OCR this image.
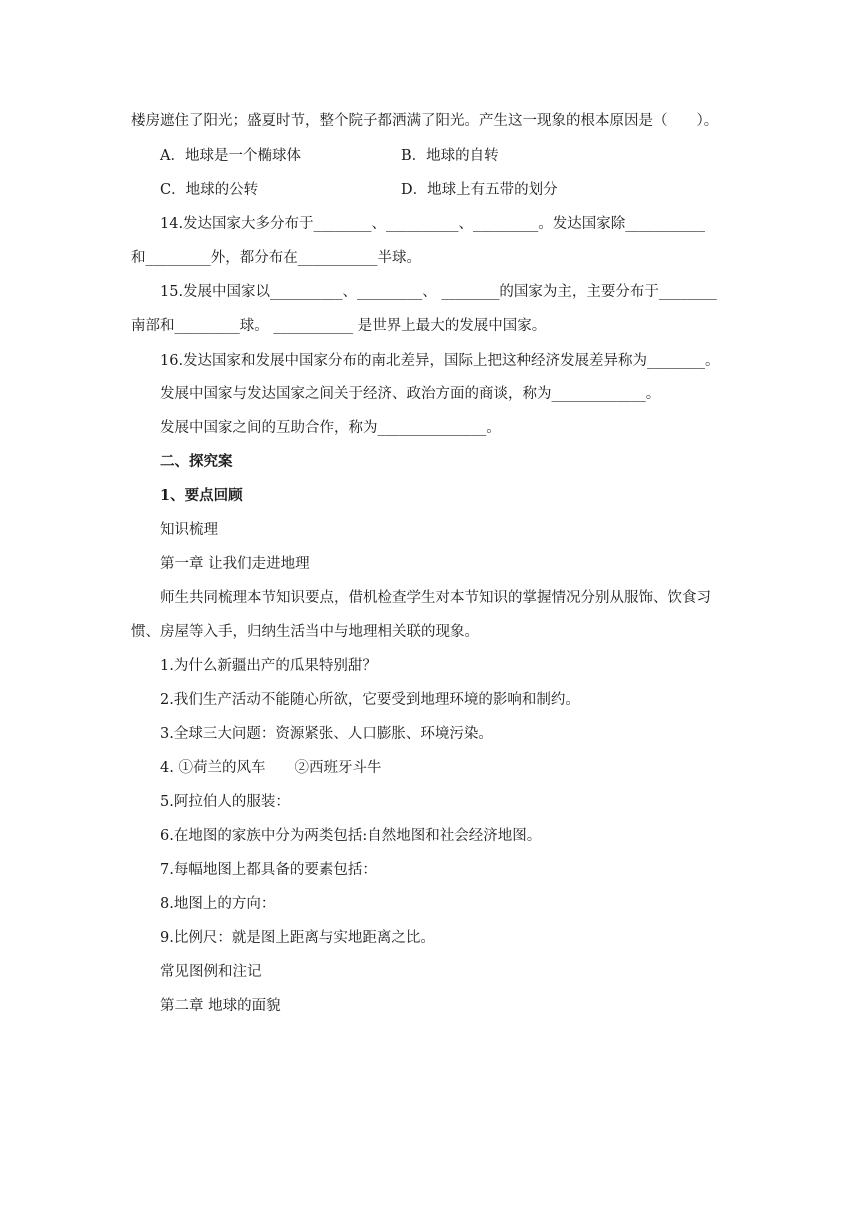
楼房遮住了阳光；盛夏时节，整个院子都洒满了阳光。产生这一现象的根本原因是（　　）。
A．地球是一个椭球体	B．地球的自转
C．地球的公转	D．地球上有五带的划分
14.发达国家大多分布于________、__________、_________。发达国家除___________
和_________外，都分布在___________半球。
15.发展中国家以__________、_________、 ________的国家为主，主要分布于________
南部和_________球。 ___________ 是世界上最大的发展中国家。
16.发达国家和发展中国家分布的南北差异，国际上把这种经济发展差异称为________。
发展中国家与发达国家之间关于经济、政治方面的商谈，称为_____________。
发展中国家之间的互助合作，称为_______________。
二、探究案
1、要点回顾
知识梳理
第一章 让我们走进地理
师生共同梳理本节知识要点，借机检查学生对本节知识的掌握情况分别从服饰、饮食习
惯、房屋等入手，归纳生活当中与地理相关联的现象。
1.为什么新疆出产的瓜果特别甜？
2.我们生产活动不能随心所欲，它要受到地理环境的影响和制约。
3.全球三大问题：资源紧张、人口膨胀、环境污染。
4. ①荷兰的风车　　②西班牙斗牛
5.阿拉伯人的服装：
6.在地图的家族中分为两类包括:自然地图和社会经济地图。
7.每幅地图上都具备的要素包括：
8.地图上的方向：
9.比例尺：就是图上距离与实地距离之比。
常见图例和注记
第二章 地球的面貌
